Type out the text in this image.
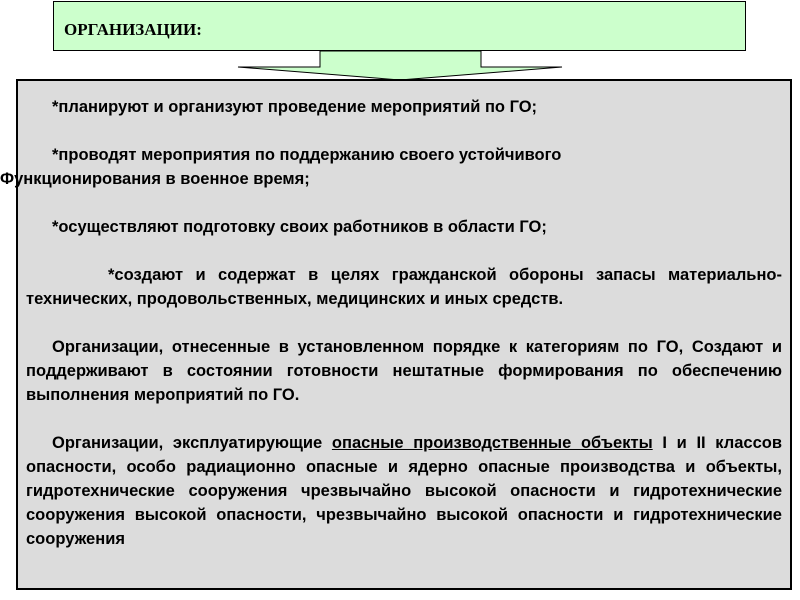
ОРГАНИЗАЦИИ:

*планируют и организуют проведение мероприятий по ГО;

*проводят мероприятия по поддержанию своего устойчивого
Функционирования в военное время;

*осуществляют подготовку своих работников в области ГО;

*создают и содержат в целях гражданской обороны запасы материально-технических, продовольственных, медицинских и иных средств.

Организации, отнесенные в установленном порядке к категориям по ГО, Создают и поддерживают в состоянии готовности нештатные формирования по обеспечению выполнения мероприятий по ГО.

Организации, эксплуатирующие опасные производственные объекты I и II классов опасности, особо радиационно опасные и ядерно опасные производства и объекты, гидротехнические сооружения чрезвычайно высокой опасности и гидротехнические сооружения высокой опасности, чрезвычайно высокой опасности и гидротехнические сооружения
